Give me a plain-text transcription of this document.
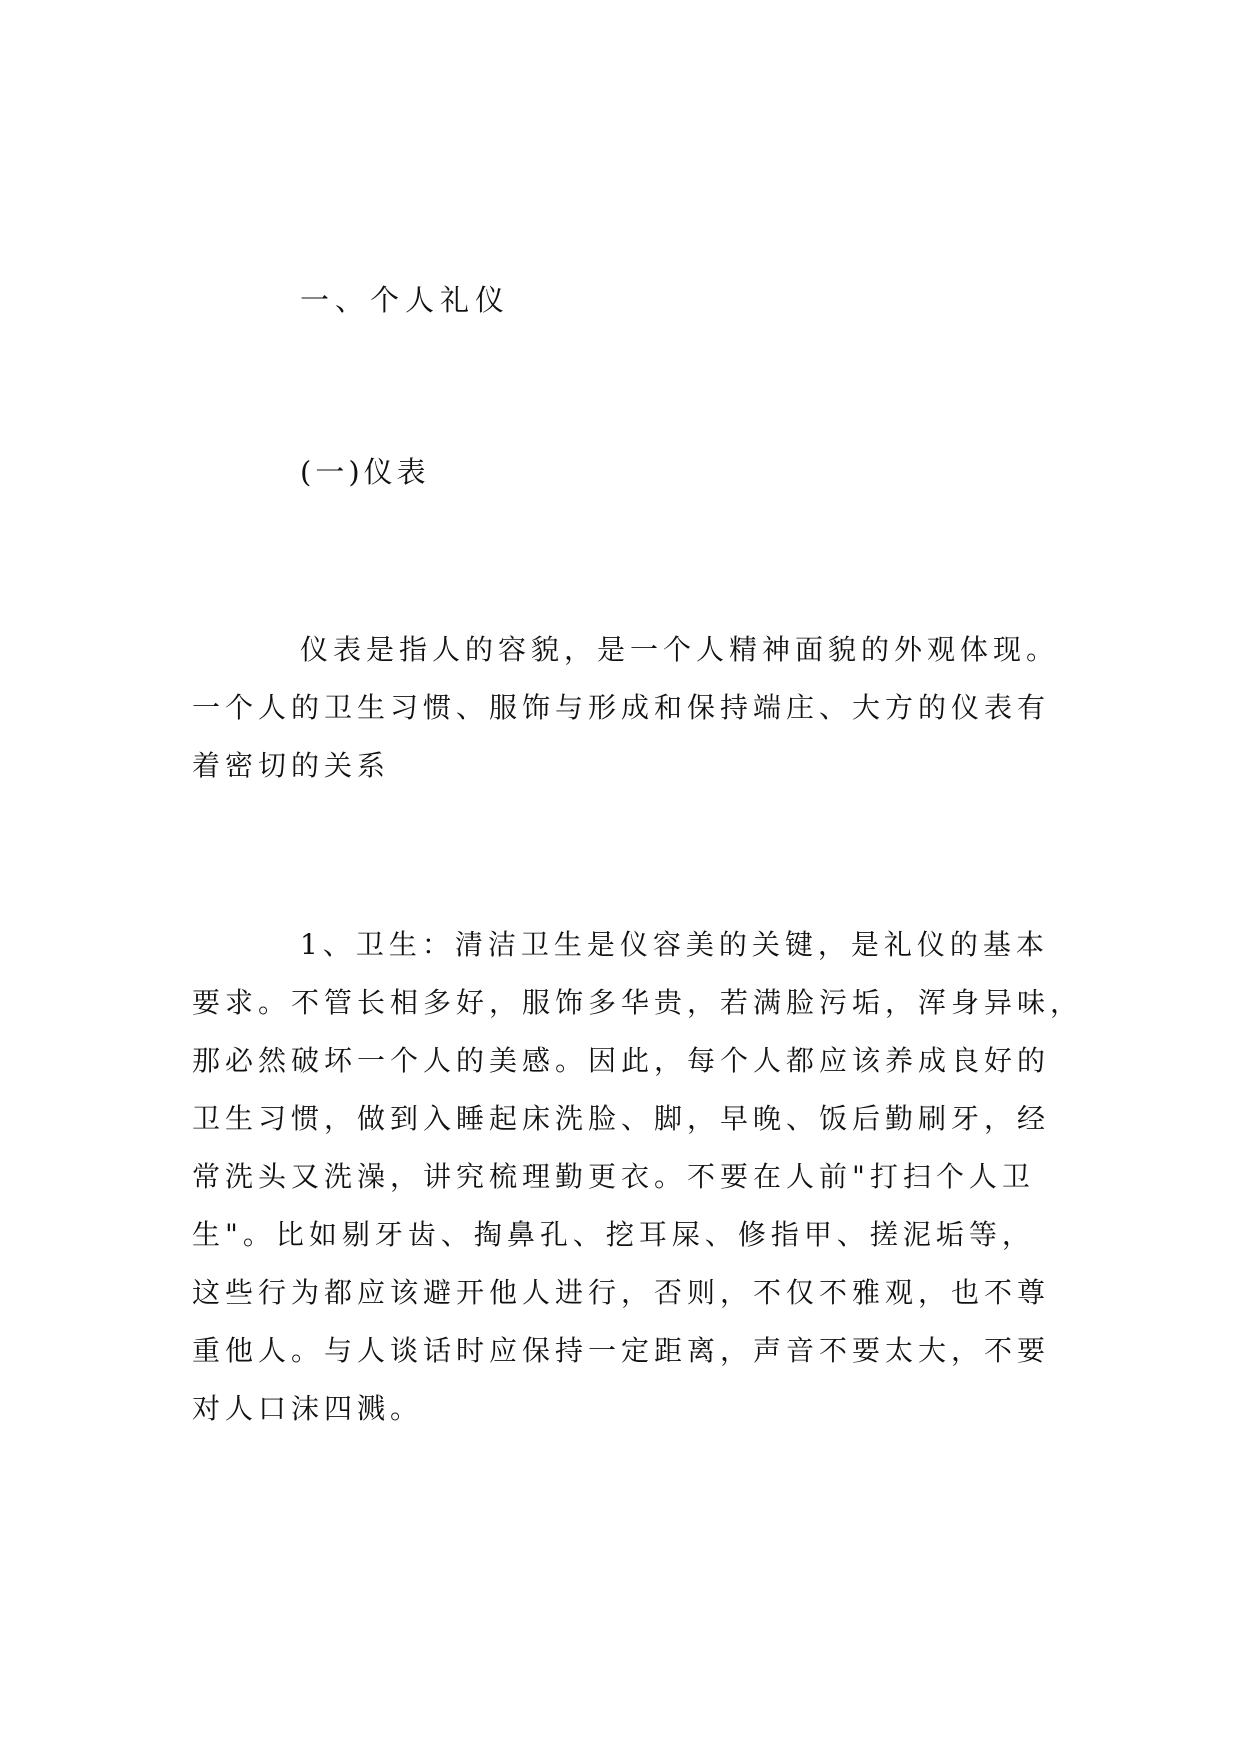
一、个人礼仪
(一)仪表
仪表是指人的容貌，是一个人精神面貌的外观体现。
一个人的卫生习惯、服饰与形成和保持端庄、大方的仪表有
着密切的关系
1、卫生：清洁卫生是仪容美的关键，是礼仪的基本
要求。不管长相多好，服饰多华贵，若满脸污垢，浑身异味，
那必然破坏一个人的美感。因此，每个人都应该养成良好的
卫生习惯，做到入睡起床洗脸、脚，早晚、饭后勤刷牙，经
常洗头又洗澡，讲究梳理勤更衣。不要在人前"打扫个人卫
生"。比如剔牙齿、掏鼻孔、挖耳屎、修指甲、搓泥垢等，
这些行为都应该避开他人进行，否则，不仅不雅观，也不尊
重他人。与人谈话时应保持一定距离，声音不要太大，不要
对人口沫四溅。
